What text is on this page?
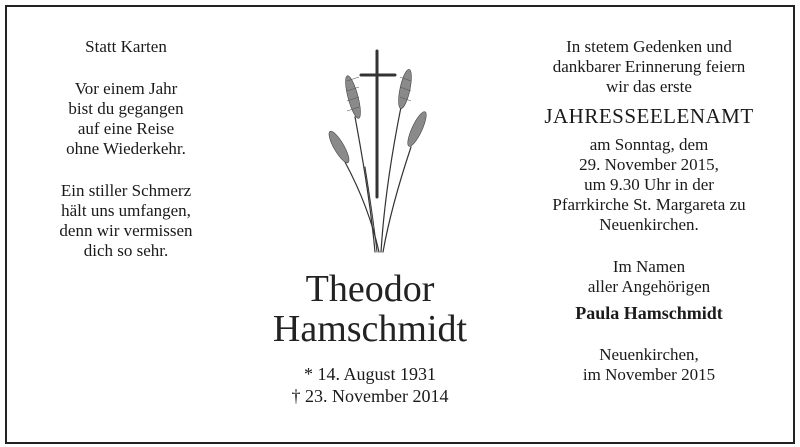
Statt Karten

Vor einem Jahr

bist du gegangen

auf eine Reise

ohne Wiederkehr.

Ein stiller Schmerz

hält uns umfangen,

denn wir vermissen

dich so sehr.

Theodor
Hamschmidt

* 14. August 1931

† 23. November 2014

In stetem Gedenken und

dankbarer Erinnerung feiern

wir das erste

JAHRESSEELENAMT

am Sonntag, dem

29. November 2015,

um 9.30 Uhr in der

Pfarrkirche St. Margareta zu

Neuenkirchen.

Im Namen

aller Angehörigen

Paula Hamschmidt

Neuenkirchen,

im November 2015
